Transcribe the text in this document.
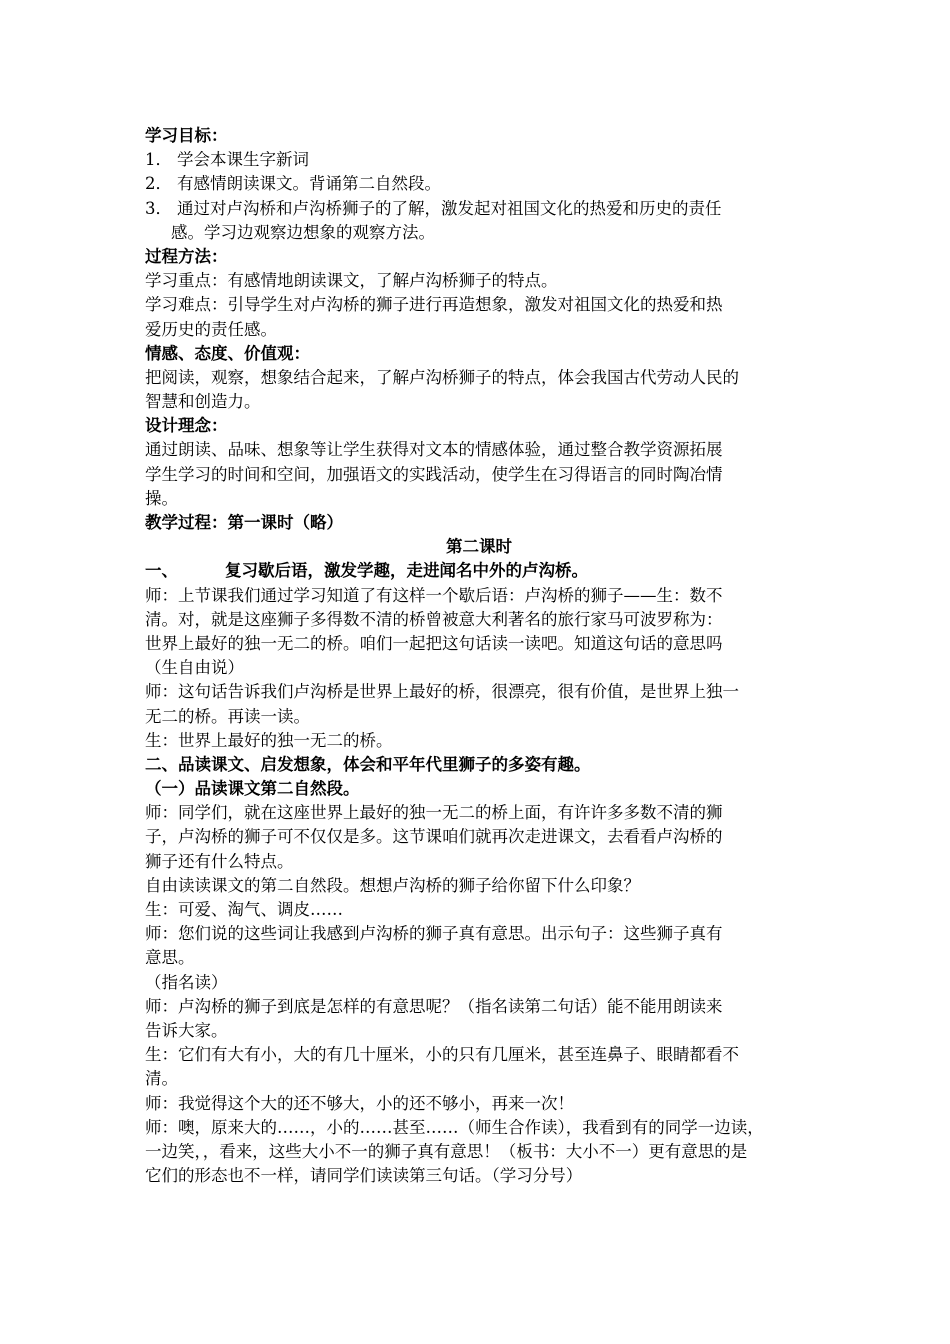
学习目标：
1． 学会本课生字新词
2． 有感情朗读课文。背诵第二自然段。
3． 通过对卢沟桥和卢沟桥狮子的了解，激发起对祖国文化的热爱和历史的责任
感。学习边观察边想象的观察方法。
过程方法：
学习重点：有感情地朗读课文，了解卢沟桥狮子的特点。
学习难点：引导学生对卢沟桥的狮子进行再造想象，激发对祖国文化的热爱和热
爱历史的责任感。
情感、态度、价值观：
把阅读，观察，想象结合起来，了解卢沟桥狮子的特点，体会我国古代劳动人民的
智慧和创造力。
设计理念：
通过朗读、品味、想象等让学生获得对文本的情感体验，通过整合教学资源拓展
学生学习的时间和空间，加强语文的实践活动，使学生在习得语言的同时陶冶情
操。
教学过程：第一课时（略）
第二课时
一、	复习歇后语，激发学趣，走进闻名中外的卢沟桥。
师：上节课我们通过学习知道了有这样一个歇后语：卢沟桥的狮子——生：数不
清。对，就是这座狮子多得数不清的桥曾被意大利著名的旅行家马可波罗称为：
世界上最好的独一无二的桥。咱们一起把这句话读一读吧。知道这句话的意思吗
（生自由说）
师：这句话告诉我们卢沟桥是世界上最好的桥，很漂亮，很有价值，是世界上独一
无二的桥。再读一读。
生：世界上最好的独一无二的桥。
二、品读课文、启发想象，体会和平年代里狮子的多姿有趣。
（一）品读课文第二自然段。
师：同学们，就在这座世界上最好的独一无二的桥上面，有许许多多数不清的狮
子，卢沟桥的狮子可不仅仅是多。这节课咱们就再次走进课文，去看看卢沟桥的
狮子还有什么特点。
自由读读课文的第二自然段。想想卢沟桥的狮子给你留下什么印象？
生：可爱、淘气、调皮……
师：您们说的这些词让我感到卢沟桥的狮子真有意思。出示句子：这些狮子真有
意思。
（指名读）
师：卢沟桥的狮子到底是怎样的有意思呢？（指名读第二句话）能不能用朗读来
告诉大家。
生：它们有大有小，大的有几十厘米，小的只有几厘米，甚至连鼻子、眼睛都看不
清。
师：我觉得这个大的还不够大，小的还不够小，再来一次！
师：噢，原来大的……，小的……甚至……（师生合作读），我看到有的同学一边读，
一边笑，，看来，这些大小不一的狮子真有意思！（板书：大小不一）更有意思的是
它们的形态也不一样，请同学们读读第三句话。（学习分号）
